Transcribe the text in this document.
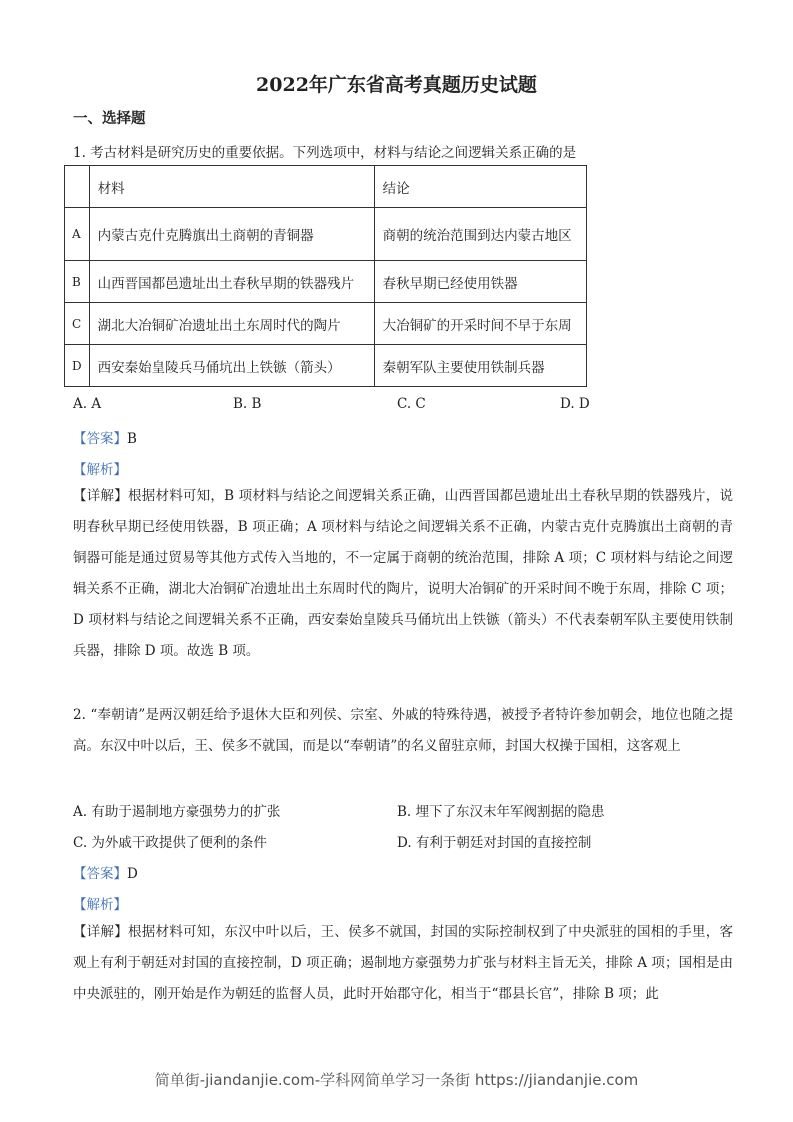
2022年广东省高考真题历史试题
一、选择题
1. 考古材料是研究历史的重要依据。下列选项中，材料与结论之间逻辑关系正确的是
	材料	结论
A	内蒙古克什克腾旗出土商朝的青铜器	商朝的统治范围到达内蒙古地区
B	山西晋国都邑遗址出土春秋早期的铁器残片	春秋早期已经使用铁器
C	湖北大冶铜矿冶遗址出土东周时代的陶片	大冶铜矿的开采时间不早于东周
D	西安秦始皇陵兵马俑坑出上铁镞（箭头）	秦朝军队主要使用铁制兵器
A. A	B. B	C. C	D. D
【答案】B
【解析】
【详解】根据材料可知，B 项材料与结论之间逻辑关系正确，山西晋国都邑遗址出土春秋早期的铁器残片，说明春秋早期已经使用铁器，B 项正确；A 项材料与结论之间逻辑关系不正确，内蒙古克什克腾旗出土商朝的青铜器可能是通过贸易等其他方式传入当地的，不一定属于商朝的统治范围，排除 A 项；C 项材料与结论之间逻辑关系不正确，湖北大冶铜矿冶遗址出土东周时代的陶片，说明大冶铜矿的开采时间不晚于东周，排除 C 项；D 项材料与结论之间逻辑关系不正确，西安秦始皇陵兵马俑坑出上铁镞（箭头）不代表秦朝军队主要使用铁制兵器，排除 D 项。故选 B 项。
2. “奉朝请”是两汉朝廷给予退休大臣和列侯、宗室、外戚的特殊待遇，被授予者特许参加朝会，地位也随之提高。东汉中叶以后，王、侯多不就国，而是以“奉朝请”的名义留驻京师，封国大权操于国相，这客观上
A. 有助于遏制地方豪强势力的扩张	B. 埋下了东汉末年军阀割据的隐患
C. 为外戚干政提供了便利的条件	D. 有利于朝廷对封国的直接控制
【答案】D
【解析】
【详解】根据材料可知，东汉中叶以后，王、侯多不就国，封国的实际控制权到了中央派驻的国相的手里，客观上有利于朝廷对封国的直接控制，D 项正确；遏制地方豪强势力扩张与材料主旨无关，排除 A 项；国相是由中央派驻的，刚开始是作为朝廷的监督人员，此时开始郡守化，相当于“郡县长官”，排除 B 项；此
简单街-jiandanjie.com-学科网简单学习一条街 https://jiandanjie.com
